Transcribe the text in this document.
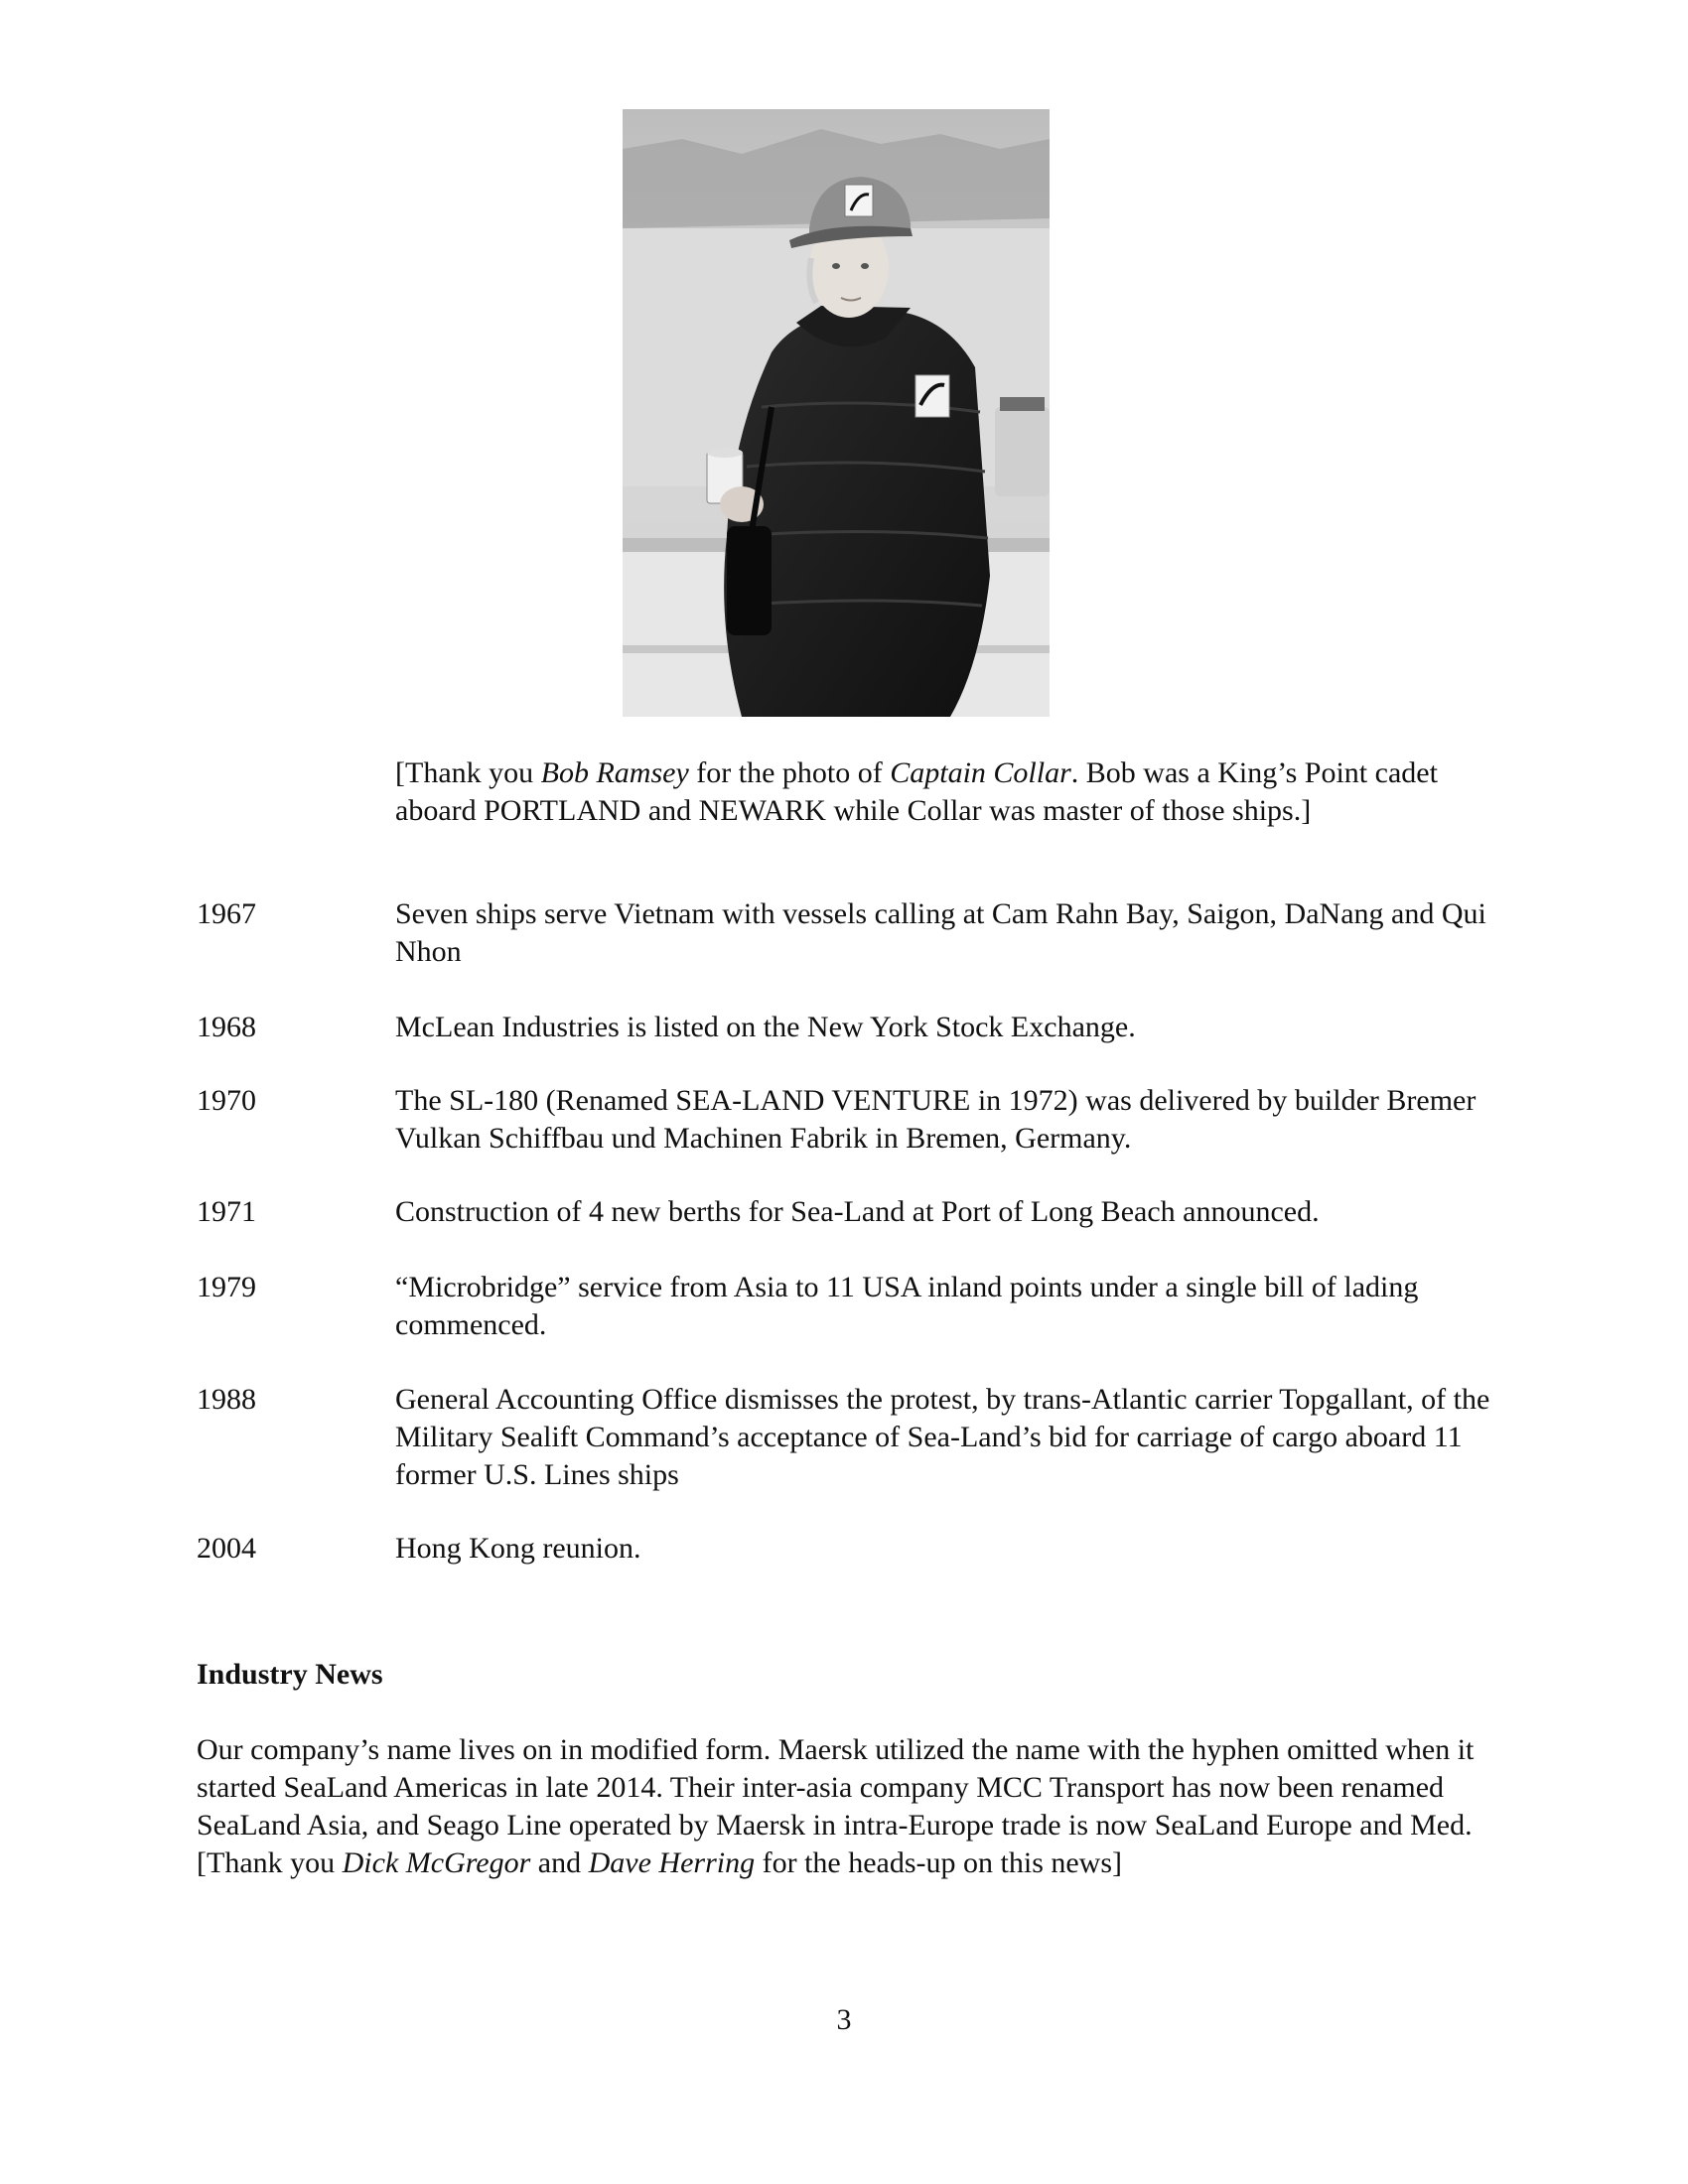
[Thank you Bob Ramsey for the photo of Captain Collar. Bob was a King’s Point cadet aboard PORTLAND and NEWARK while Collar was master of those ships.]
1967	Seven ships serve Vietnam with vessels calling at Cam Rahn Bay, Saigon, DaNang and Qui Nhon
1968	McLean Industries is listed on the New York Stock Exchange.
1970	The SL-180 (Renamed SEA-LAND VENTURE in 1972) was delivered by builder Bremer Vulkan Schiffbau und Machinen Fabrik in Bremen, Germany.
1971	Construction of 4 new berths for Sea-Land at Port of Long Beach announced.
1979	“Microbridge” service from Asia to 11 USA inland points under a single bill of lading commenced.
1988	General Accounting Office dismisses the protest, by trans-Atlantic carrier Topgallant, of the Military Sealift Command’s acceptance of Sea-Land’s bid for carriage of cargo aboard 11 former U.S. Lines ships
2004	Hong Kong reunion.
Industry News
Our company’s name lives on in modified form. Maersk utilized the name with the hyphen omitted when it started SeaLand Americas in late 2014. Their inter-asia company MCC Transport has now been renamed SeaLand Asia, and Seago Line operated by Maersk in intra-Europe trade is now SeaLand Europe and Med. [Thank you Dick McGregor and Dave Herring for the heads-up on this news]
3
